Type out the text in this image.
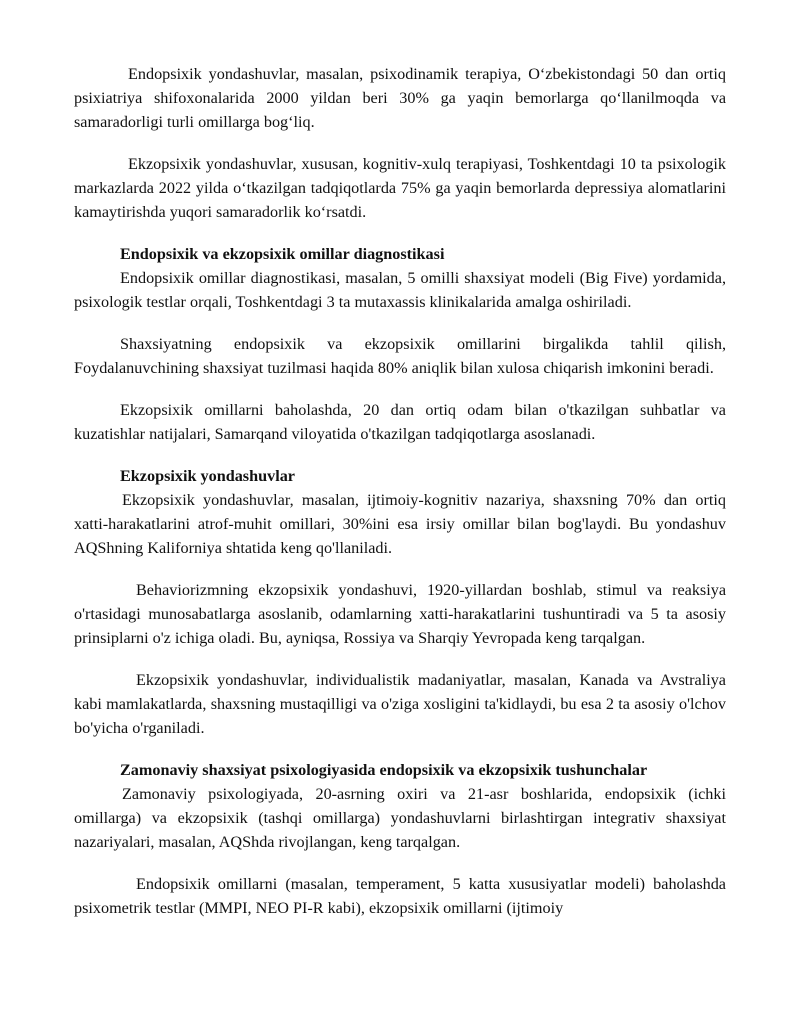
Endopsixik yondashuvlar, masalan, psixodinamik terapiya, O‘zbekistondagi 50 dan ortiq psixiatriya shifoxonalarida 2000 yildan beri 30% ga yaqin bemorlarga qo‘llanilmoqda va samaradorligi turli omillarga bog‘liq.

Ekzopsixik yondashuvlar, xususan, kognitiv-xulq terapiyasi, Toshkentdagi 10 ta psixologik markazlarda 2022 yilda o‘tkazilgan tadqiqotlarda 75% ga yaqin bemorlarda depressiya alomatlarini kamaytirishda yuqori samaradorlik ko‘rsatdi.

Endopsixik va ekzopsixik omillar diagnostikasi

Endopsixik omillar diagnostikasi, masalan, 5 omilli shaxsiyat modeli (Big Five) yordamida, psixologik testlar orqali, Toshkentdagi 3 ta mutaxassis klinikalarida amalga oshiriladi.

Shaxsiyatning endopsixik va ekzopsixik omillarini birgalikda tahlil qilish, Foydalanuvchining shaxsiyat tuzilmasi haqida 80% aniqlik bilan xulosa chiqarish imkonini beradi.

Ekzopsixik omillarni baholashda, 20 dan ortiq odam bilan o'tkazilgan suhbatlar va kuzatishlar natijalari, Samarqand viloyatida o'tkazilgan tadqiqotlarga asoslanadi.

Ekzopsixik yondashuvlar

Ekzopsixik yondashuvlar, masalan, ijtimoiy-kognitiv nazariya, shaxsning 70% dan ortiq xatti-harakatlarini atrof-muhit omillari, 30%ini esa irsiy omillar bilan bog'laydi. Bu yondashuv AQShning Kaliforniya shtatida keng qo'llaniladi.

Behaviorizmning ekzopsixik yondashuvi, 1920-yillardan boshlab, stimul va reaksiya o'rtasidagi munosabatlarga asoslanib, odamlarning xatti-harakatlarini tushuntiradi va 5 ta asosiy prinsiplarni o'z ichiga oladi. Bu, ayniqsa, Rossiya va Sharqiy Yevropada keng tarqalgan.

Ekzopsixik yondashuvlar, individualistik madaniyatlar, masalan, Kanada va Avstraliya kabi mamlakatlarda, shaxsning mustaqilligi va o'ziga xosligini ta'kidlaydi, bu esa 2 ta asosiy o'lchov bo'yicha o'rganiladi.

Zamonaviy shaxsiyat psixologiyasida endopsixik va ekzopsixik tushunchalar

Zamonaviy psixologiyada, 20-asrning oxiri va 21-asr boshlarida, endopsixik (ichki omillarga) va ekzopsixik (tashqi omillarga) yondashuvlarni birlashtirgan integrativ shaxsiyat nazariyalari, masalan, AQShda rivojlangan, keng tarqalgan.

Endopsixik omillarni (masalan, temperament, 5 katta xususiyatlar modeli) baholashda psixometrik testlar (MMPI, NEO PI-R kabi), ekzopsixik omillarni (ijtimoiy
